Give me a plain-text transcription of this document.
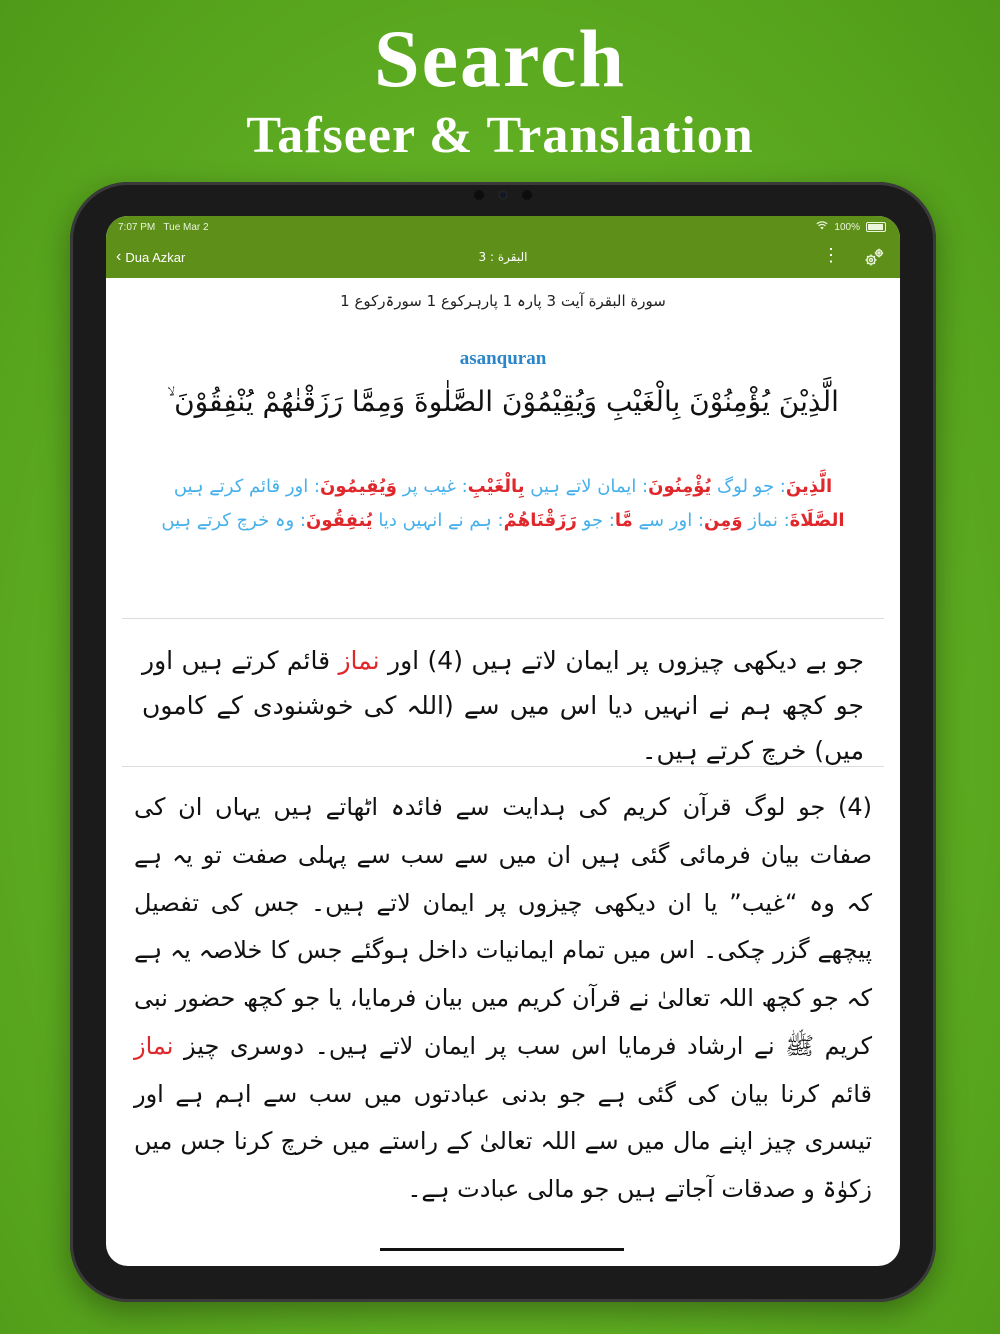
Search
Tafseer & Translation
7:07 PM Tue Mar 2	100%
‹ Dua Azkar	البقرة : 3	⋮
سورة البقرة آیت 3 پارہ 1 پارہرکوع 1 سورۃرکوع 1
asanquran
الَّذِيْنَ يُؤْمِنُوْنَ بِالْغَيْبِ وَيُقِيْمُوْنَ الصَّلٰوةَ وَمِمَّا رَزَقْنٰھُمْ يُنْفِقُوْنَ ۙ
الَّذِينَ: جو لوگ يُؤْمِنُونَ: ایمان لاتے ہیں بِالْغَيْبِ: غیب پر وَيُقِيمُونَ: اور قائم کرتے ہیں الصَّلَاةَ: نماز وَمِن: اور سے مَّا: جو رَزَقْنَاهُمْ: ہم نے انہیں دیا يُنفِقُونَ: وہ خرچ کرتے ہیں
جو بے دیکھی چیزوں پر ایمان لاتے ہیں (4) اور نماز قائم کرتے ہیں اور جو کچھ ہم نے انہیں دیا اس میں سے (اللہ کی خوشنودی کے کاموں میں) خرچ کرتے ہیں۔
(4) جو لوگ قرآن کریم کی ہدایت سے فائدہ اٹھاتے ہیں یہاں ان کی صفات بیان فرمائی گئی ہیں ان میں سے سب سے پہلی صفت تو یہ ہے کہ وہ “غیب” یا ان دیکھی چیزوں پر ایمان لاتے ہیں۔ جس کی تفصیل پیچھے گزر چکی۔ اس میں تمام ایمانیات داخل ہوگئے جس کا خلاصہ یہ ہے کہ جو کچھ اللہ تعالیٰ نے قرآن کریم میں بیان فرمایا، یا جو کچھ حضور نبی کریم ﷺ نے ارشاد فرمایا اس سب پر ایمان لاتے ہیں۔ دوسری چیز نماز قائم کرنا بیان کی گئی ہے جو بدنی عبادتوں میں سب سے اہم ہے اور تیسری چیز اپنے مال میں سے اللہ تعالیٰ کے راستے میں خرچ کرنا جس میں زکوٰۃ و صدقات آجاتے ہیں جو مالی عبادت ہے۔
